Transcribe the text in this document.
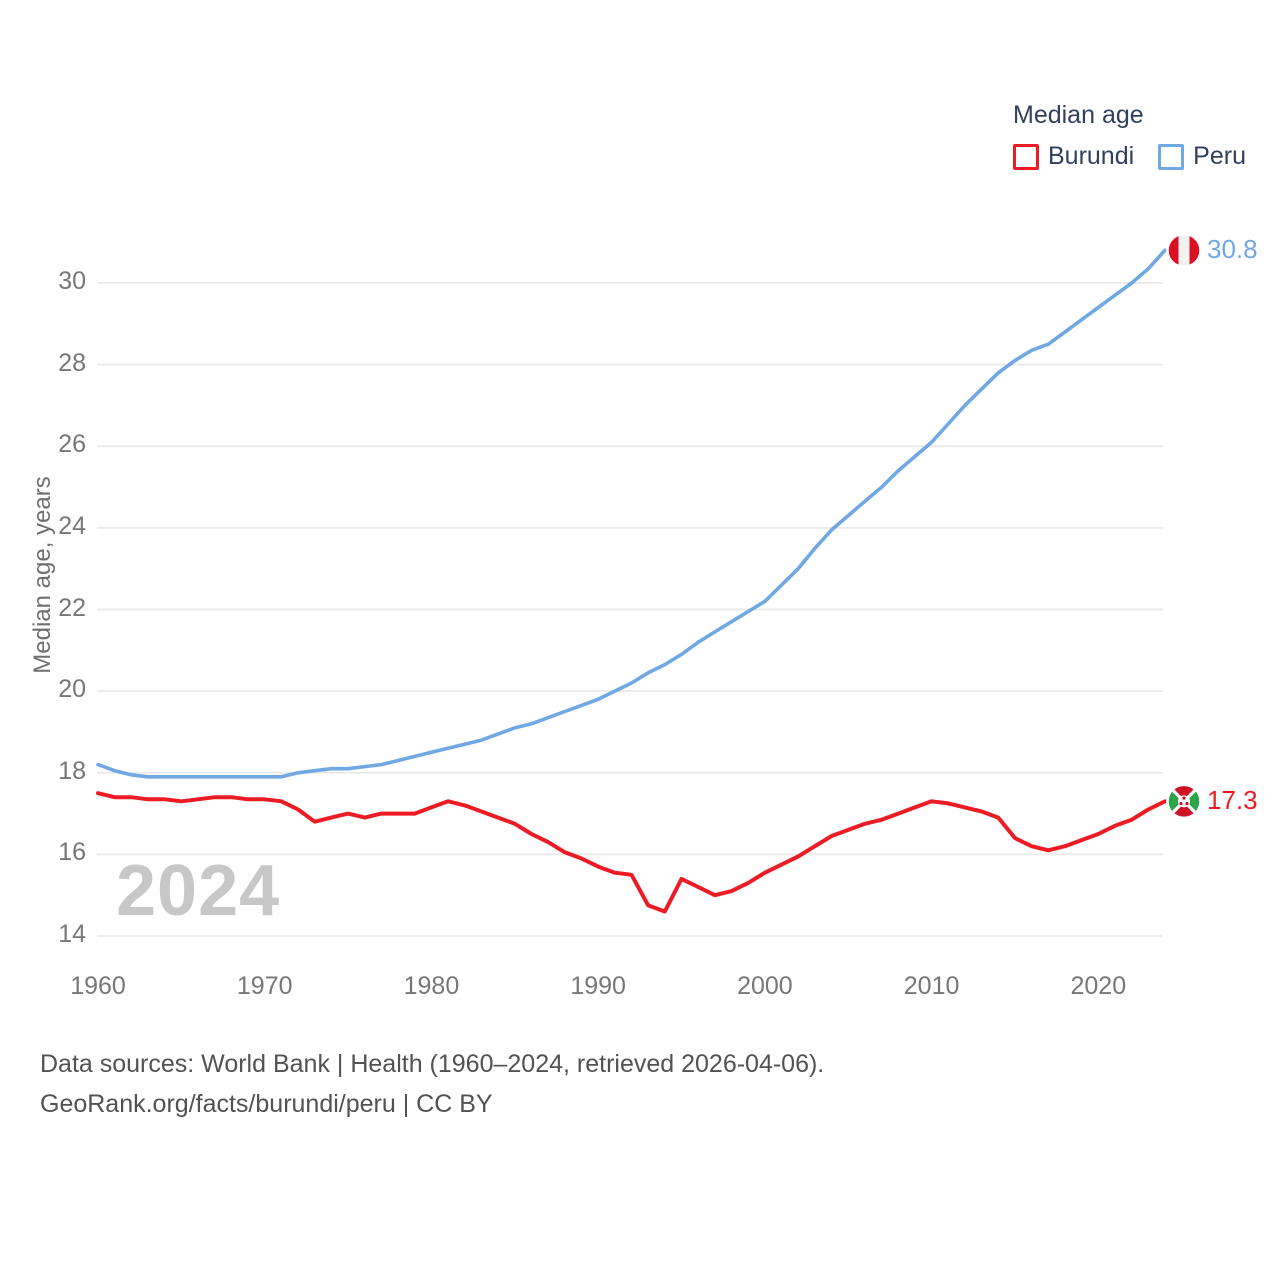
Median age
Burundi Peru
Median age, years
14
16
18
20
22
24
26
28
30
1960	1970	1980	1990	2000	2010	2020
2024
30.8
17.3
Data sources: World Bank | Health (1960–2024, retrieved 2026-04-06).
GeoRank.org/facts/burundi/peru | CC BY
